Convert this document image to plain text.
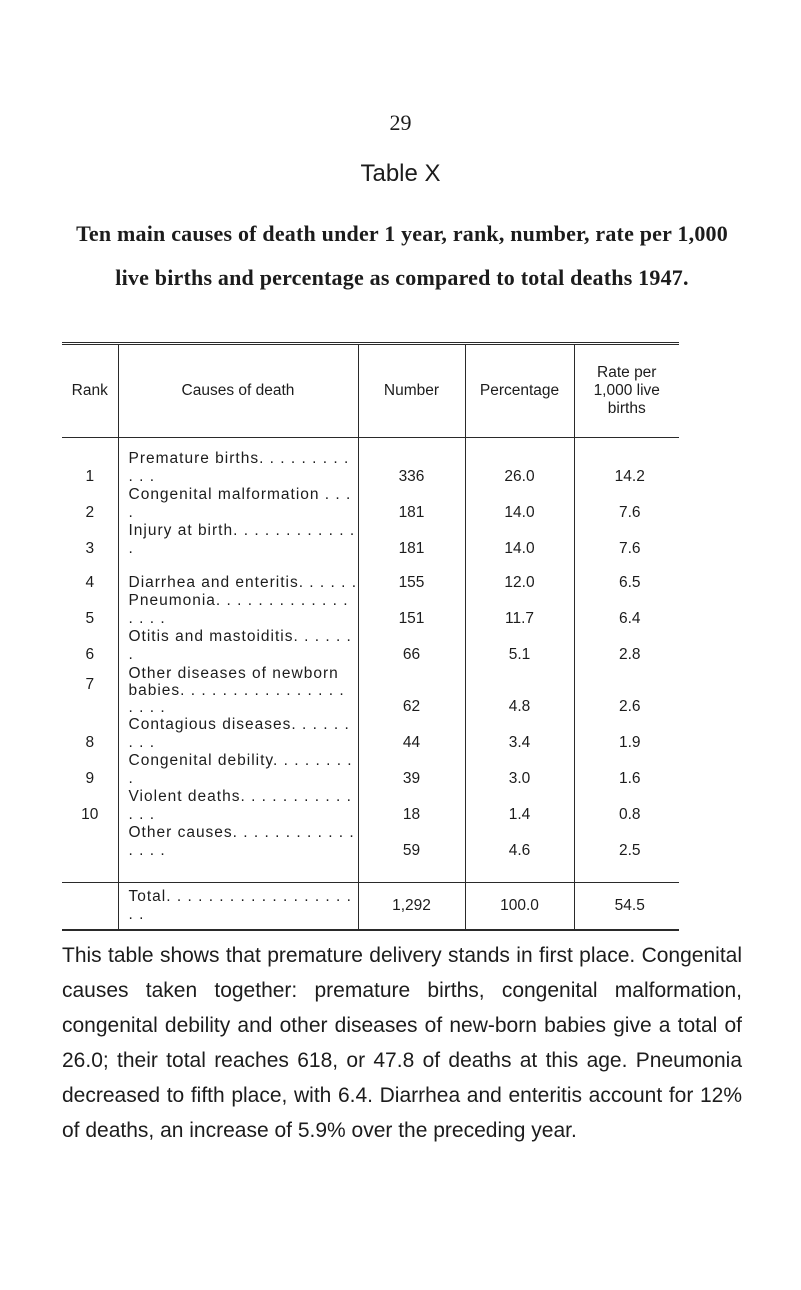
29
Table X
Ten main causes of death under 1 year, rank, number, rate per 1,000 live births and percentage as compared to total deaths 1947.
Rank	Causes of death	Number	Percentage	Rate per 1,000 live births
1	Premature births. . . . . . . . . . . .	336	26.0	14.2
2	Congenital malformation . . . .	181	14.0	7.6
3	Injury at birth. . . . . . . . . . . . .	181	14.0	7.6
4	Diarrhea and enteritis. . . . . .	155	12.0	6.5
5	Pneumonia. . . . . . . . . . . . . . . . .	151	11.7	6.4
6	Otitis and mastoiditis. . . . . . .	66	5.1	2.8
7	Other diseases of newborn babies. . . . . . . . . . . . . . . . . . . .	62	4.8	2.6
8	Contagious diseases. . . . . . . . .	44	3.4	1.9
9	Congenital debility. . . . . . . . .	39	3.0	1.6
10	Violent deaths. . . . . . . . . . . . . .	18	1.4	0.8
	Other causes. . . . . . . . . . . . . . . .	59	4.6	2.5
	Total. . . . . . . . . . . . . . . . . . . .	1,292	100.0	54.5
This table shows that premature delivery stands in first place. Congenital causes taken together: premature births, congenital malformation, congenital debility and other diseases of new-born babies give a total of 26.0; their total reaches 618, or 47.8 of deaths at this age. Pneumonia decreased to fifth place, with 6.4. Diarrhea and enteritis account for 12% of deaths, an increase of 5.9% over the preceding year.
